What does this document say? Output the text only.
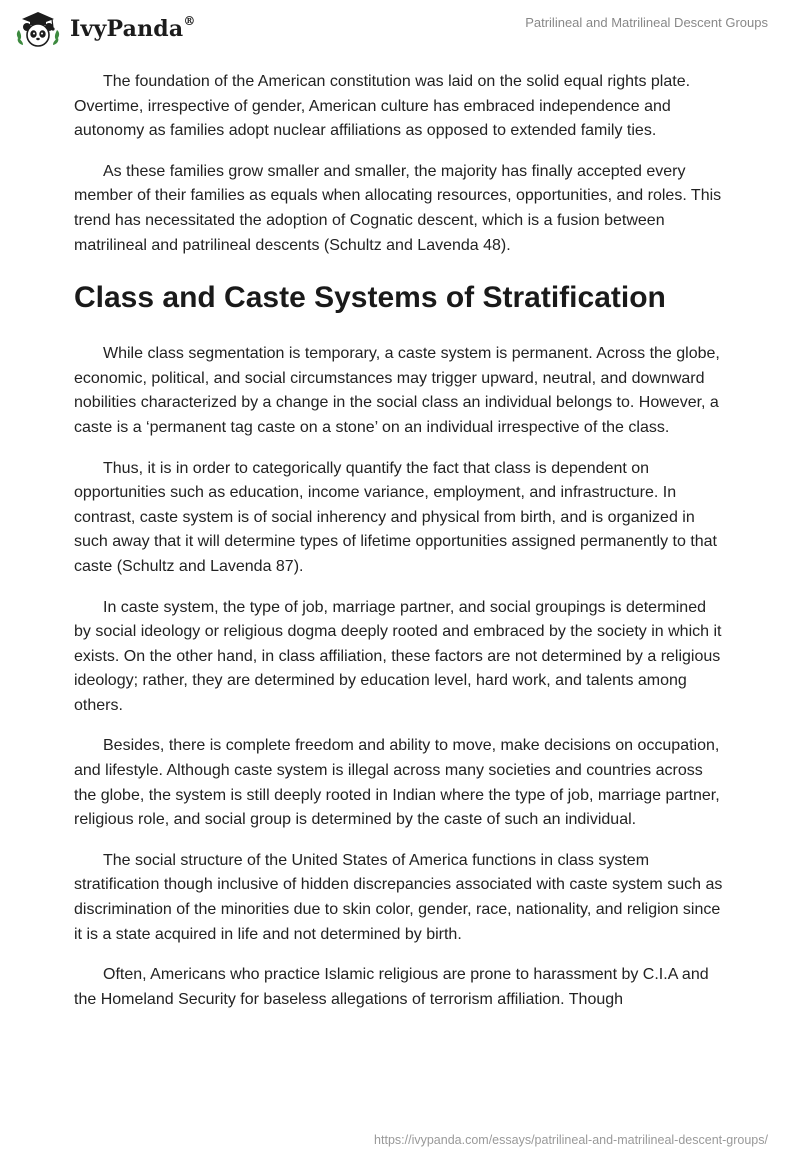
IvyPanda®	Patrilineal and Matrilineal Descent Groups

The foundation of the American constitution was laid on the solid equal rights plate. Overtime, irrespective of gender, American culture has embraced independence and autonomy as families adopt nuclear affiliations as opposed to extended family ties.

As these families grow smaller and smaller, the majority has finally accepted every member of their families as equals when allocating resources, opportunities, and roles. This trend has necessitated the adoption of Cognatic descent, which is a fusion between matrilineal and patrilineal descents (Schultz and Lavenda 48).

Class and Caste Systems of Stratification

While class segmentation is temporary, a caste system is permanent. Across the globe, economic, political, and social circumstances may trigger upward, neutral, and downward nobilities characterized by a change in the social class an individual belongs to. However, a caste is a ‘permanent tag caste on a stone’ on an individual irrespective of the class.

Thus, it is in order to categorically quantify the fact that class is dependent on opportunities such as education, income variance, employment, and infrastructure. In contrast, caste system is of social inherency and physical from birth, and is organized in such away that it will determine types of lifetime opportunities assigned permanently to that caste (Schultz and Lavenda 87).

In caste system, the type of job, marriage partner, and social groupings is determined by social ideology or religious dogma deeply rooted and embraced by the society in which it exists. On the other hand, in class affiliation, these factors are not determined by a religious ideology; rather, they are determined by education level, hard work, and talents among others.

Besides, there is complete freedom and ability to move, make decisions on occupation, and lifestyle. Although caste system is illegal across many societies and countries across the globe, the system is still deeply rooted in Indian where the type of job, marriage partner, religious role, and social group is determined by the caste of such an individual.

The social structure of the United States of America functions in class system stratification though inclusive of hidden discrepancies associated with caste system such as discrimination of the minorities due to skin color, gender, race, nationality, and religion since it is a state acquired in life and not determined by birth.

Often, Americans who practice Islamic religious are prone to harassment by C.I.A and the Homeland Security for baseless allegations of terrorism affiliation. Though

https://ivypanda.com/essays/patrilineal-and-matrilineal-descent-groups/
